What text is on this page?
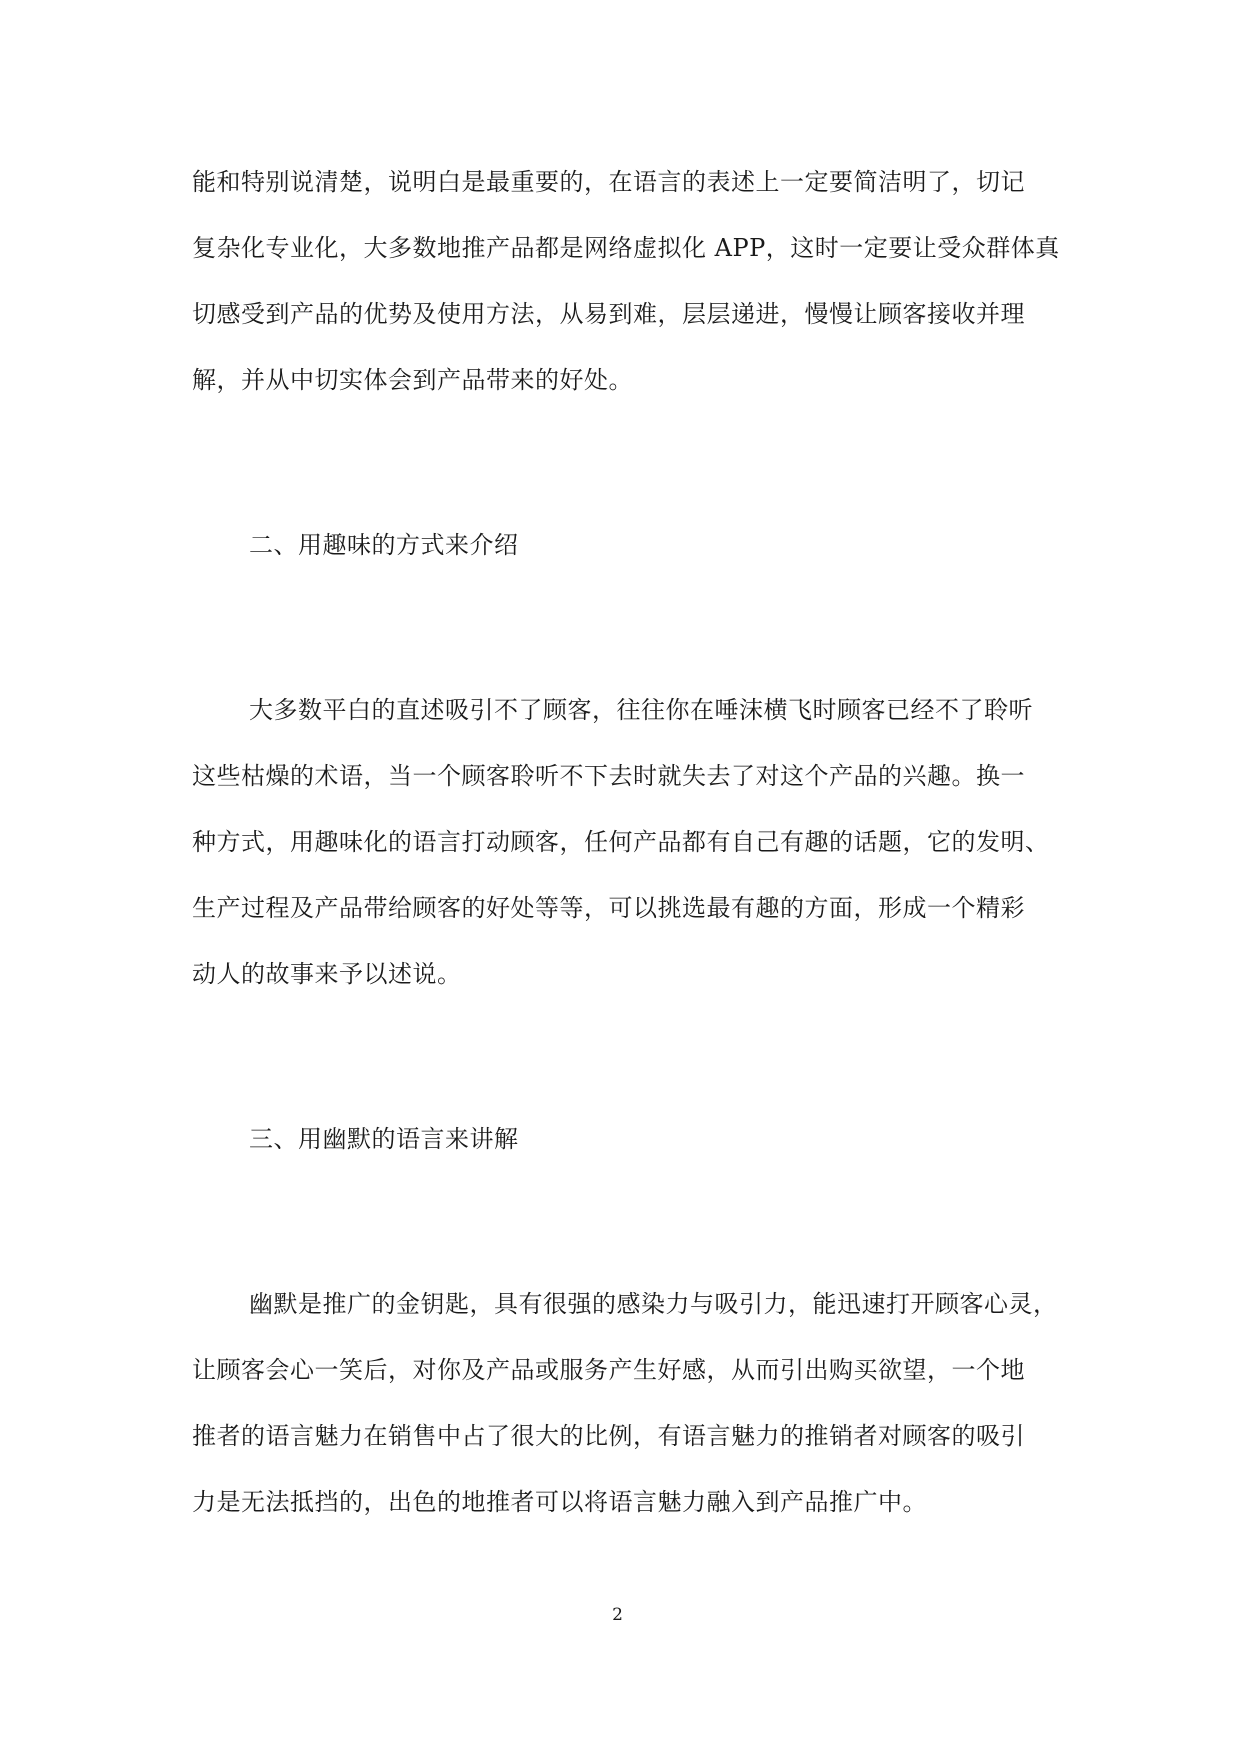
能和特别说清楚，说明白是最重要的，在语言的表述上一定要简洁明了，切记

复杂化专业化，大多数地推产品都是网络虚拟化 APP，这时一定要让受众群体真

切感受到产品的优势及使用方法，从易到难，层层递进，慢慢让顾客接收并理

解，并从中切实体会到产品带来的好处。

二、用趣味的方式来介绍

大多数平白的直述吸引不了顾客，往往你在唾沫横飞时顾客已经不了聆听

这些枯燥的术语，当一个顾客聆听不下去时就失去了对这个产品的兴趣。换一

种方式，用趣味化的语言打动顾客，任何产品都有自己有趣的话题，它的发明、

生产过程及产品带给顾客的好处等等，可以挑选最有趣的方面，形成一个精彩

动人的故事来予以述说。

三、用幽默的语言来讲解

幽默是推广的金钥匙，具有很强的感染力与吸引力，能迅速打开顾客心灵，

让顾客会心一笑后，对你及产品或服务产生好感，从而引出购买欲望，一个地

推者的语言魅力在销售中占了很大的比例，有语言魅力的推销者对顾客的吸引

力是无法抵挡的，出色的地推者可以将语言魅力融入到产品推广中。

2
